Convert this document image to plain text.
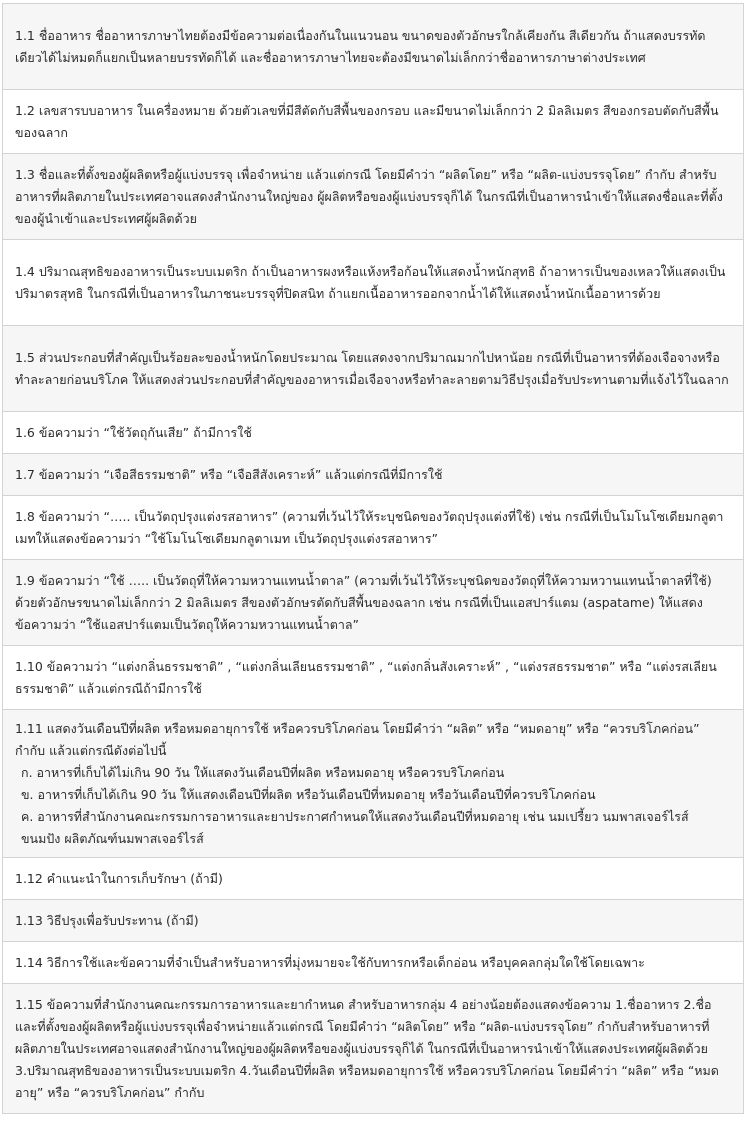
1.1 ชื่ออาหาร ชื่ออาหารภาษาไทยต้องมีข้อความต่อเนื่องกันในแนวนอน ขนาดของตัวอักษรใกล้เคียงกัน สีเดียวกัน ถ้าแสดงบรรทัดเดียวได้ไม่หมดก็แยกเป็นหลายบรรทัดก็ได้ และชื่ออาหารภาษาไทยจะต้องมีขนาดไม่เล็กกว่าชื่ออาหารภาษาต่างประเทศ

1.2 เลขสารบบอาหาร ในเครื่องหมาย ด้วยตัวเลขที่มีสีตัดกับสีพื้นของกรอบ และมีขนาดไม่เล็กกว่า 2 มิลลิเมตร สีของกรอบตัดกับสีพื้นของฉลาก

1.3 ชื่อและที่ตั้งของผู้ผลิตหรือผู้แบ่งบรรจุ เพื่อจำหน่าย แล้วแต่กรณี โดยมีคำว่า “ผลิตโดย” หรือ “ผลิต-แบ่งบรรจุโดย” กำกับ สำหรับอาหารที่ผลิตภายในประเทศอาจแสดงสำนักงานใหญ่ของ ผู้ผลิตหรือของผู้แบ่งบรรจุก็ได้ ในกรณีที่เป็นอาหารนำเข้าให้แสดงชื่อและที่ตั้งของผู้นำเข้าและประเทศผู้ผลิตด้วย

1.4 ปริมาณสุทธิของอาหารเป็นระบบเมตริก ถ้าเป็นอาหารผงหรือแห้งหรือก้อนให้แสดงน้ำหนักสุทธิ ถ้าอาหารเป็นของเหลวให้แสดงเป็นปริมาตรสุทธิ ในกรณีที่เป็นอาหารในภาชนะบรรจุที่ปิดสนิท ถ้าแยกเนื้ออาหารออกจากน้ำได้ให้แสดงน้ำหนักเนื้ออาหารด้วย

1.5 ส่วนประกอบที่สำคัญเป็นร้อยละของน้ำหนักโดยประมาณ โดยแสดงจากปริมาณมากไปหาน้อย กรณีที่เป็นอาหารที่ต้องเจือจางหรือทำละลายก่อนบริโภค ให้แสดงส่วนประกอบที่สำคัญของอาหารเมื่อเจือจางหรือทำละลายตามวิธีปรุงเมื่อรับประทานตามที่แจ้งไว้ในฉลาก

1.6 ข้อความว่า “ใช้วัตถุกันเสีย” ถ้ามีการใช้

1.7 ข้อความว่า “เจือสีธรรมชาติ” หรือ “เจือสีสังเคราะห์” แล้วแต่กรณีที่มีการใช้

1.8 ข้อความว่า “….. เป็นวัตถุปรุงแต่งรสอาหาร” (ความที่เว้นไว้ให้ระบุชนิดของวัตถุปรุงแต่งที่ใช้) เช่น กรณีที่เป็นโมโนโซเดียมกลูตาเมทให้แสดงข้อความว่า “ใช้โมโนโซเดียมกลูตาเมท เป็นวัตถุปรุงแต่งรสอาหาร”

1.9 ข้อความว่า “ใช้ ….. เป็นวัตถุที่ให้ความหวานแทนน้ำตาล” (ความที่เว้นไว้ให้ระบุชนิดของวัตถุที่ให้ความหวานแทนน้ำตาลที่ใช้) ด้วยตัวอักษรขนาดไม่เล็กกว่า 2 มิลลิเมตร สีของตัวอักษรตัดกับสีพื้นของฉลาก เช่น กรณีที่เป็นแอสปาร์แตม (aspatame) ให้แสดงข้อความว่า “ใช้แอสปาร์แตมเป็นวัตถุให้ความหวานแทนน้ำตาล”

1.10 ข้อความว่า “แต่งกลิ่นธรรมชาติ” , “แต่งกลิ่นเลียนธรรมชาติ” , “แต่งกลิ่นสังเคราะห์” , “แต่งรสธรรมชาต” หรือ “แต่งรสเลียนธรรมชาติ” แล้วแต่กรณีถ้ามีการใช้

1.11 แสดงวันเดือนปีที่ผลิต หรือหมดอายุการใช้ หรือควรบริโภคก่อน โดยมีคำว่า “ผลิต” หรือ “หมดอายุ” หรือ “ควรบริโภคก่อน” กำกับ แล้วแต่กรณีดังต่อไปนี้
ก. อาหารที่เก็บได้ไม่เกิน 90 วัน ให้แสดงวันเดือนปีที่ผลิต หรือหมดอายุ หรือควรบริโภคก่อน
ข. อาหารที่เก็บได้เกิน 90 วัน ให้แสดงเดือนปีที่ผลิต หรือวันเดือนปีที่หมดอายุ หรือวันเดือนปีที่ควรบริโภคก่อน
ค. อาหารที่สำนักงานคณะกรรมการอาหารและยาประกาศกำหนดให้แสดงวันเดือนปีที่หมดอายุ เช่น นมเปรี้ยว นมพาสเจอร์ไรส์ ขนมปัง ผลิตภัณฑ์นมพาสเจอร์ไรส์

1.12 คำแนะนำในการเก็บรักษา (ถ้ามี)

1.13 วิธีปรุงเพื่อรับประทาน (ถ้ามี)

1.14 วิธีการใช้และข้อความที่จำเป็นสำหรับอาหารที่มุ่งหมายจะใช้กับทารกหรือเด็กอ่อน หรือบุคคลกลุ่มใดใช้โดยเฉพาะ

1.15 ข้อความที่สำนักงานคณะกรรมการอาหารและยากำหนด สำหรับอาหารกลุ่ม 4 อย่างน้อยต้องแสดงข้อความ 1.ชื่ออาหาร 2.ชื่อและที่ตั้งของผู้ผลิตหรือผู้แบ่งบรรจุเพื่อจำหน่ายแล้วแต่กรณี โดยมีคำว่า “ผลิตโดย” หรือ “ผลิต-แบ่งบรรจุโดย” กำกับสำหรับอาหารที่ผลิตภายในประเทศอาจแสดงสำนักงานใหญ่ของผู้ผลิตหรือของผู้แบ่งบรรจุก็ได้ ในกรณีที่เป็นอาหารนำเข้าให้แสดงประเทศผู้ผลิตด้วย 3.ปริมาณสุทธิของอาหารเป็นระบบเมตริก 4.วันเดือนปีที่ผลิต หรือหมดอายุการใช้ หรือควรบริโภคก่อน โดยมีคำว่า “ผลิต” หรือ “หมดอายุ” หรือ “ควรบริโภคก่อน” กำกับ
